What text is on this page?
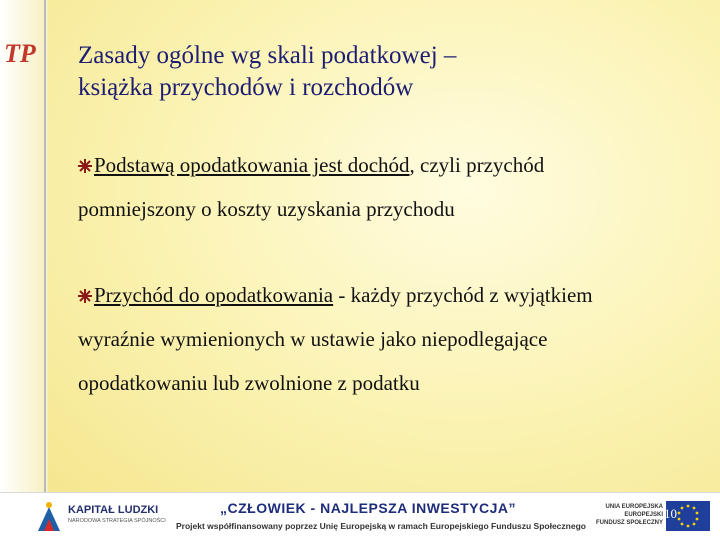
TP Zasady ogólne wg skali podatkowej –
książka przychodów i rozchodów
Podstawą opodatkowania jest dochód, czyli przychód
pomniejszony o koszty uzyskania przychodu
Przychód do opodatkowania - każdy przychód z wyjątkiem
wyraźnie wymienionych w ustawie jako niepodlegające
opodatkowaniu lub zwolnione z podatku
KAPITAŁ LUDZKI
NARODOWA STRATEGIA SPÓJNOŚCI
„CZŁOWIEK - NAJLEPSZA INWESTYCJA”
Projekt współfinansowany poprzez Unię Europejską w ramach Europejskiego Funduszu Społecznego
UNIA EUROPEJSKA
EUROPEJSKI
FUNDUSZ SPOŁECZNY
10
